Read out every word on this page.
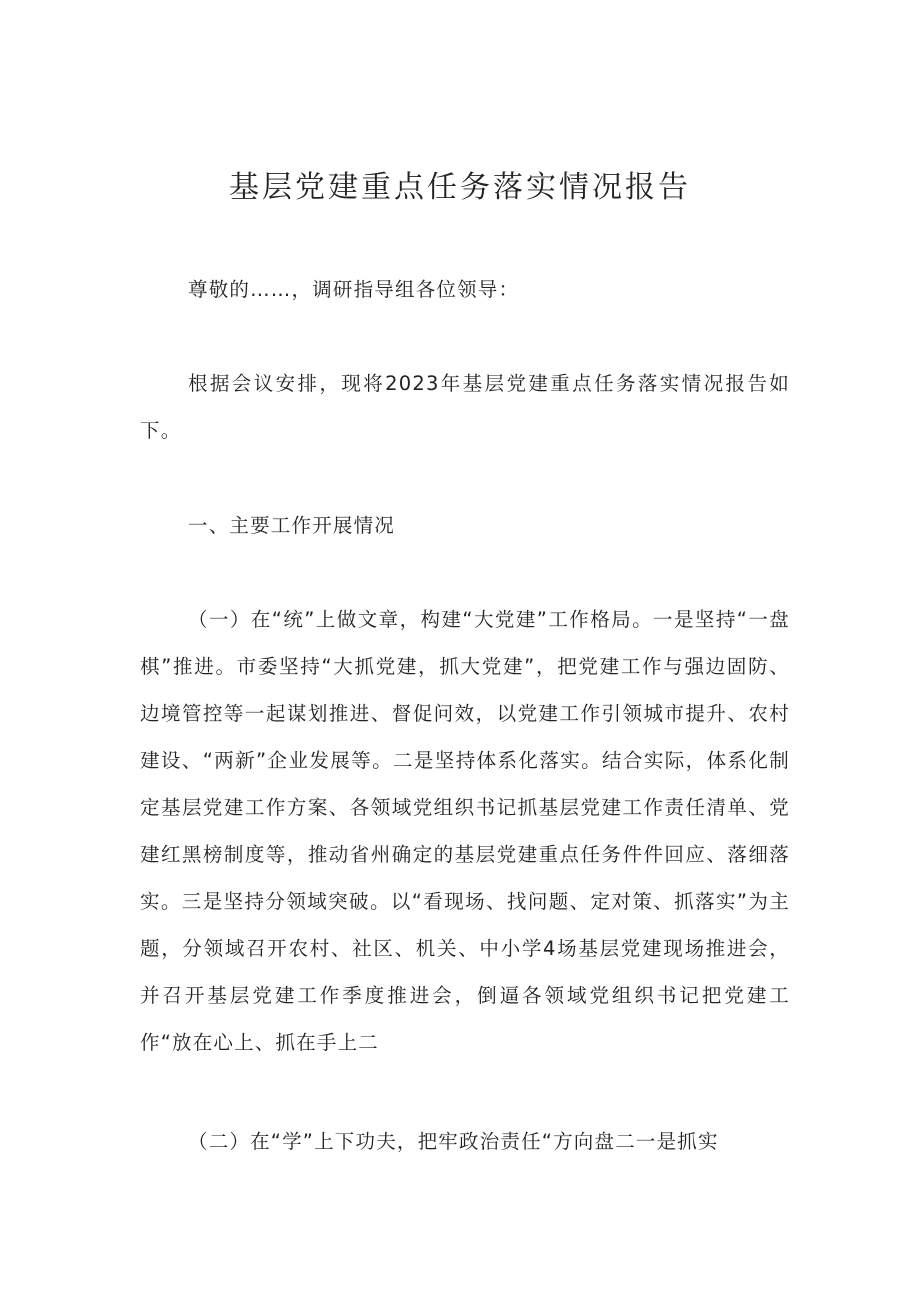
基层党建重点任务落实情况报告

尊敬的……，调研指导组各位领导：

根据会议安排，现将2023年基层党建重点任务落实情况报告如下。

一、主要工作开展情况

（一）在“统”上做文章，构建“大党建”工作格局。一是坚持“一盘棋”推进。市委坚持“大抓党建，抓大党建”，把党建工作与强边固防、边境管控等一起谋划推进、督促问效，以党建工作引领城市提升、农村建设、“两新”企业发展等。二是坚持体系化落实。结合实际，体系化制定基层党建工作方案、各领域党组织书记抓基层党建工作责任清单、党建红黑榜制度等，推动省州确定的基层党建重点任务件件回应、落细落实。三是坚持分领域突破。以“看现场、找问题、定对策、抓落实”为主题，分领域召开农村、社区、机关、中小学4场基层党建现场推进会，并召开基层党建工作季度推进会，倒逼各领域党组织书记把党建工作“放在心上、抓在手上二

（二）在“学”上下功夫，把牢政治责任“方向盘二一是抓实
